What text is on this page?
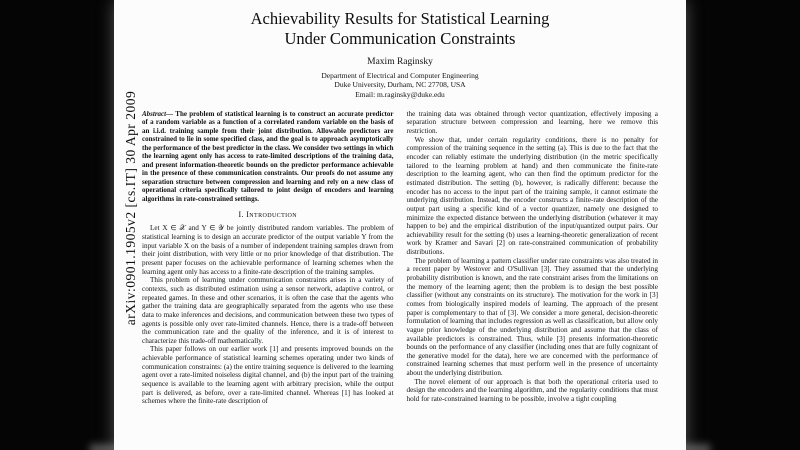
arXiv:0901.1905v2 [cs.IT] 30 Apr 2009
Achievability Results for Statistical Learning
Under Communication Constraints
Maxim Raginsky
Department of Electrical and Computer Engineering
Duke University, Durham, NC 27708, USA
Email: m.raginsky@duke.edu

Abstract— The problem of statistical learning is to construct an accurate predictor of a random variable as a function of a correlated random variable on the basis of an i.i.d. training sample from their joint distribution. Allowable predictors are constrained to lie in some specified class, and the goal is to approach asymptotically the performance of the best predictor in the class. We consider two settings in which the learning agent only has access to rate-limited descriptions of the training data, and present information-theoretic bounds on the predictor performance achievable in the presence of these communication constraints. Our proofs do not assume any separation structure between compression and learning and rely on a new class of operational criteria specifically tailored to joint design of encoders and learning algorithms in rate-constrained settings.

I. Introduction

Let X ∈ 𝒳 and Y ∈ 𝒴 be jointly distributed random variables. The problem of statistical learning is to design an accurate predictor of the output variable Y from the input variable X on the basis of a number of independent training samples drawn from their joint distribution, with very little or no prior knowledge of that distribution. The present paper focuses on the achievable performance of learning schemes when the learning agent only has access to a finite-rate description of the training samples.

This problem of learning under communication constraints arises in a variety of contexts, such as distributed estimation using a sensor network, adaptive control, or repeated games. In these and other scenarios, it is often the case that the agents who gather the training data are geographically separated from the agents who use these data to make inferences and decisions, and communication between these two types of agents is possible only over rate-limited channels. Hence, there is a trade-off between the communication rate and the quality of the inference, and it is of interest to characterize this trade-off mathematically.

This paper follows on our earlier work [1] and presents improved bounds on the achievable performance of statistical learning schemes operating under two kinds of communication constraints: (a) the entire training sequence is delivered to the learning agent over a rate-limited noiseless digital channel, and (b) the input part of the training sequence is available to the learning agent with arbitrary precision, while the output part is delivered, as before, over a rate-limited channel. Whereas [1] has looked at schemes where the finite-rate description of

the training data was obtained through vector quantization, effectively imposing a separation structure between compression and learning, here we remove this restriction.

We show that, under certain regularity conditions, there is no penalty for compression of the training sequence in the setting (a). This is due to the fact that the encoder can reliably estimate the underlying distribution (in the metric specifically tailored to the learning problem at hand) and then communicate the finite-rate description to the learning agent, who can then find the optimum predictor for the estimated distribution. The setting (b), however, is radically different: because the encoder has no access to the input part of the training sample, it cannot estimate the underlying distribution. Instead, the encoder constructs a finite-rate description of the output part using a specific kind of a vector quantizer, namely one designed to minimize the expected distance between the underlying distribution (whatever it may happen to be) and the empirical distribution of the input/quantized output pairs. Our achievability result for the setting (b) uses a learning-theoretic generalization of recent work by Kramer and Savari [2] on rate-constrained communication of probability distributions.

The problem of learning a pattern classifier under rate constraints was also treated in a recent paper by Westover and O'Sullivan [3]. They assumed that the underlying probability distribution is known, and the rate constraint arises from the limitations on the memory of the learning agent; then the problem is to design the best possible classifier (without any constraints on its structure). The motivation for the work in [3] comes from biologically inspired models of learning. The approach of the present paper is complementary to that of [3]. We consider a more general, decision-theoretic formulation of learning that includes regression as well as classification, but allow only vague prior knowledge of the underlying distribution and assume that the class of available predictors is constrained. Thus, while [3] presents information-theoretic bounds on the performance of any classifier (including ones that are fully cognizant of the generative model for the data), here we are concerned with the performance of constrained learning schemes that must perform well in the presence of uncertainty about the underlying distribution.

The novel element of our approach is that both the operational criteria used to design the encoders and the learning algorithm, and the regularity conditions that must hold for rate-constrained learning to be possible, involve a tight coupling
